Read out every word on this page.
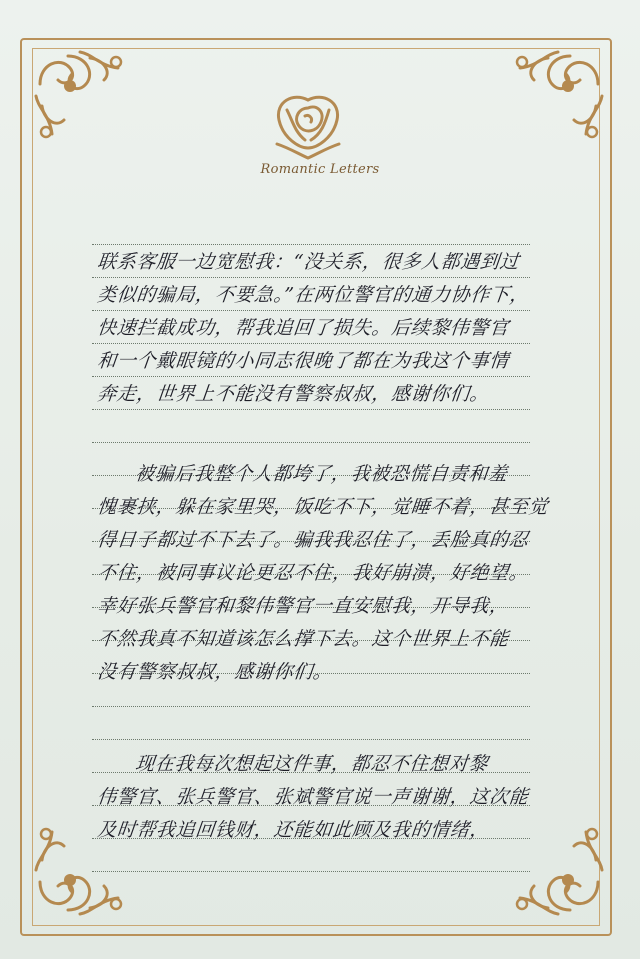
Romantic Letters
联系客服一边宽慰我：“没关系，很多人都遇到过
类似的骗局，不要急。”在两位警官的通力协作下，
快速拦截成功，帮我追回了损失。后续黎伟警官
和一个戴眼镜的小同志很晚了都在为我这个事情
奔走，世界上不能没有警察叔叔，感谢你们。
被骗后我整个人都垮了，我被恐慌自责和羞
愧裹挟，躲在家里哭，饭吃不下，觉睡不着，甚至觉
得日子都过不下去了。骗我我忍住了，丢脸真的忍
不住，被同事议论更忍不住，我好崩溃，好绝望。
幸好张兵警官和黎伟警官一直安慰我，开导我，
不然我真不知道该怎么撑下去。这个世界上不能
没有警察叔叔，感谢你们。
现在我每次想起这件事，都忍不住想对黎
伟警官、张兵警官、张斌警官说一声谢谢，这次能
及时帮我追回钱财，还能如此顾及我的情绪，
